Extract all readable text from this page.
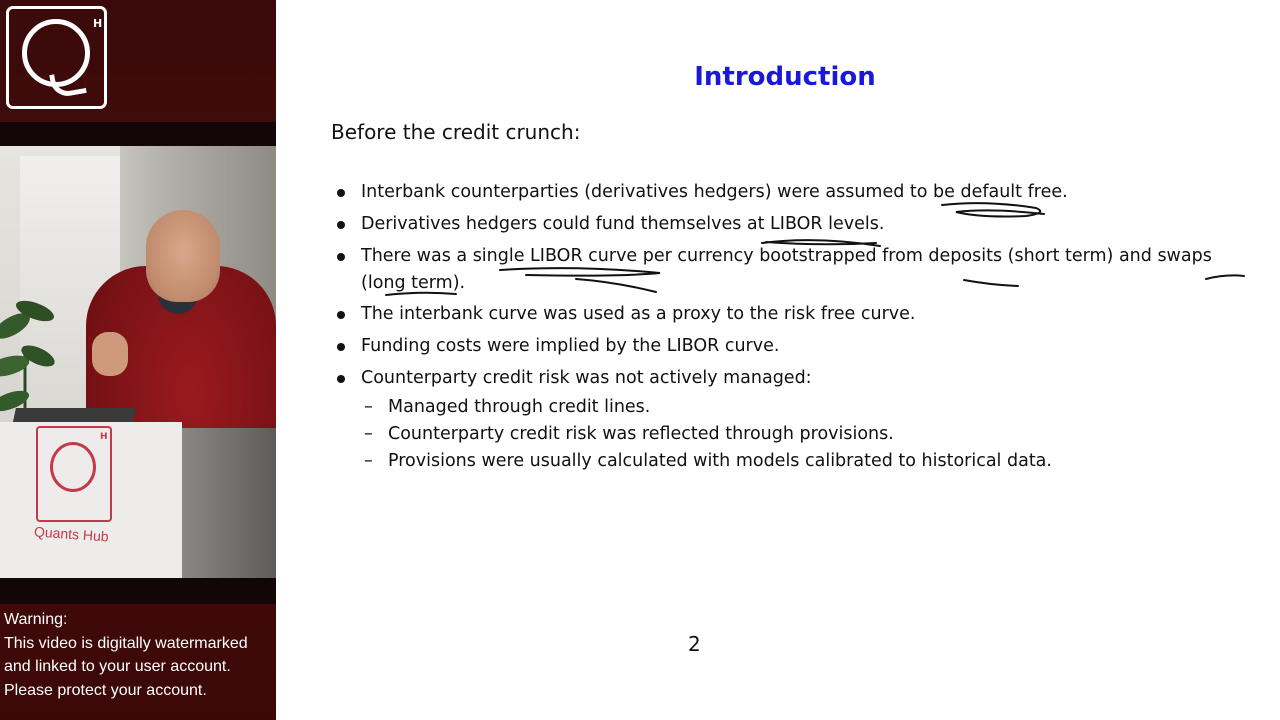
H
H
Quants Hub
Warning:
This video is digitally watermarked
and linked to your user account.
Please protect your account.
Introduction
Before the credit crunch:
Interbank counterparties (derivatives hedgers) were assumed to be default free.
Derivatives hedgers could fund themselves at LIBOR levels.
There was a single LIBOR curve per currency bootstrapped from deposits (short term) and swaps
(long term).
The interbank curve was used as a proxy to the risk free curve.
Funding costs were implied by the LIBOR curve.
Counterparty credit risk was not actively managed:
– Managed through credit lines.
– Counterparty credit risk was reflected through provisions.
– Provisions were usually calculated with models calibrated to historical data.
2
